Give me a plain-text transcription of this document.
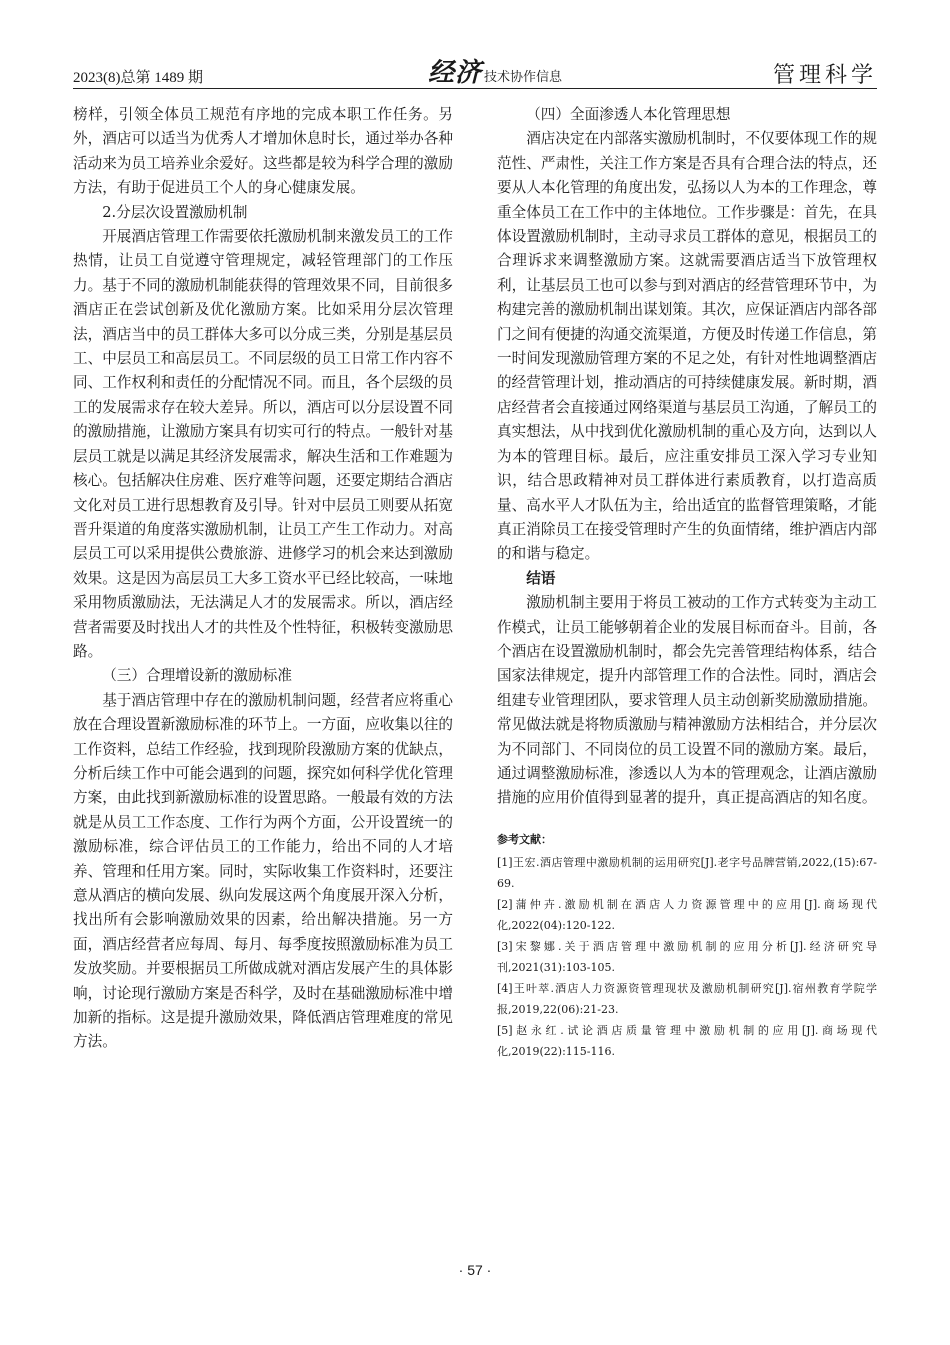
2023(8)总第 1489 期	经济 技术协作信息	管理科学

榜样，引领全体员工规范有序地的完成本职工作任务。另外，酒店可以适当为优秀人才增加休息时长，通过举办各种活动来为员工培养业余爱好。这些都是较为科学合理的激励方法，有助于促进员工个人的身心健康发展。

2.分层次设置激励机制

开展酒店管理工作需要依托激励机制来激发员工的工作热情，让员工自觉遵守管理规定，减轻管理部门的工作压力。基于不同的激励机制能获得的管理效果不同，目前很多酒店正在尝试创新及优化激励方案。比如采用分层次管理法，酒店当中的员工群体大多可以分成三类，分别是基层员工、中层员工和高层员工。不同层级的员工日常工作内容不同、工作权利和责任的分配情况不同。而且，各个层级的员工的发展需求存在较大差异。所以，酒店可以分层设置不同的激励措施，让激励方案具有切实可行的特点。一般针对基层员工就是以满足其经济发展需求，解决生活和工作难题为核心。包括解决住房难、医疗难等问题，还要定期结合酒店文化对员工进行思想教育及引导。针对中层员工则要从拓宽晋升渠道的角度落实激励机制，让员工产生工作动力。对高层员工可以采用提供公费旅游、进修学习的机会来达到激励效果。这是因为高层员工大多工资水平已经比较高，一味地采用物质激励法，无法满足人才的发展需求。所以，酒店经营者需要及时找出人才的共性及个性特征，积极转变激励思路。

（三）合理增设新的激励标准

基于酒店管理中存在的激励机制问题，经营者应将重心放在合理设置新激励标准的环节上。一方面，应收集以往的工作资料，总结工作经验，找到现阶段激励方案的优缺点，分析后续工作中可能会遇到的问题，探究如何科学优化管理方案，由此找到新激励标准的设置思路。一般最有效的方法就是从员工工作态度、工作行为两个方面，公开设置统一的激励标准，综合评估员工的工作能力，给出不同的人才培养、管理和任用方案。同时，实际收集工作资料时，还要注意从酒店的横向发展、纵向发展这两个角度展开深入分析，找出所有会影响激励效果的因素，给出解决措施。另一方面，酒店经营者应每周、每月、每季度按照激励标准为员工发放奖励。并要根据员工所做成就对酒店发展产生的具体影响，讨论现行激励方案是否科学，及时在基础激励标准中增加新的指标。这是提升激励效果，降低酒店管理难度的常见方法。

（四）全面渗透人本化管理思想

酒店决定在内部落实激励机制时，不仅要体现工作的规范性、严肃性，关注工作方案是否具有合理合法的特点，还要从人本化管理的角度出发，弘扬以人为本的工作理念，尊重全体员工在工作中的主体地位。工作步骤是：首先，在具体设置激励机制时，主动寻求员工群体的意见，根据员工的合理诉求来调整激励方案。这就需要酒店适当下放管理权利，让基层员工也可以参与到对酒店的经营管理环节中，为构建完善的激励机制出谋划策。其次，应保证酒店内部各部门之间有便捷的沟通交流渠道，方便及时传递工作信息，第一时间发现激励管理方案的不足之处，有针对性地调整酒店的经营管理计划，推动酒店的可持续健康发展。新时期，酒店经营者会直接通过网络渠道与基层员工沟通，了解员工的真实想法，从中找到优化激励机制的重心及方向，达到以人为本的管理目标。最后，应注重安排员工深入学习专业知识，结合思政精神对员工群体进行素质教育，以打造高质量、高水平人才队伍为主，给出适宜的监督管理策略，才能真正消除员工在接受管理时产生的负面情绪，维护酒店内部的和谐与稳定。

结语

激励机制主要用于将员工被动的工作方式转变为主动工作模式，让员工能够朝着企业的发展目标而奋斗。目前，各个酒店在设置激励机制时，都会先完善管理结构体系，结合国家法律规定，提升内部管理工作的合法性。同时，酒店会组建专业管理团队，要求管理人员主动创新奖励激励措施。常见做法就是将物质激励与精神激励方法相结合，并分层次为不同部门、不同岗位的员工设置不同的激励方案。最后，通过调整激励标准，渗透以人为本的管理观念，让酒店激励措施的应用价值得到显著的提升，真正提高酒店的知名度。

参考文献：
[1]王宏.酒店管理中激励机制的运用研究[J].老字号品牌营销,2022,(15):67-69.
[2]蒲仲卉.激励机制在酒店人力资源管理中的应用[J].商场现代化,2022(04):120-122.
[3]宋黎娜.关于酒店管理中激励机制的应用分析[J].经济研究导刊,2021(31):103-105.
[4]王叶萃.酒店人力资源资管理现状及激励机制研究[J].宿州教育学院学报,2019,22(06):21-23.
[5]赵永红.试论酒店质量管理中激励机制的应用[J].商场现代化,2019(22):115-116.
· 57 ·
